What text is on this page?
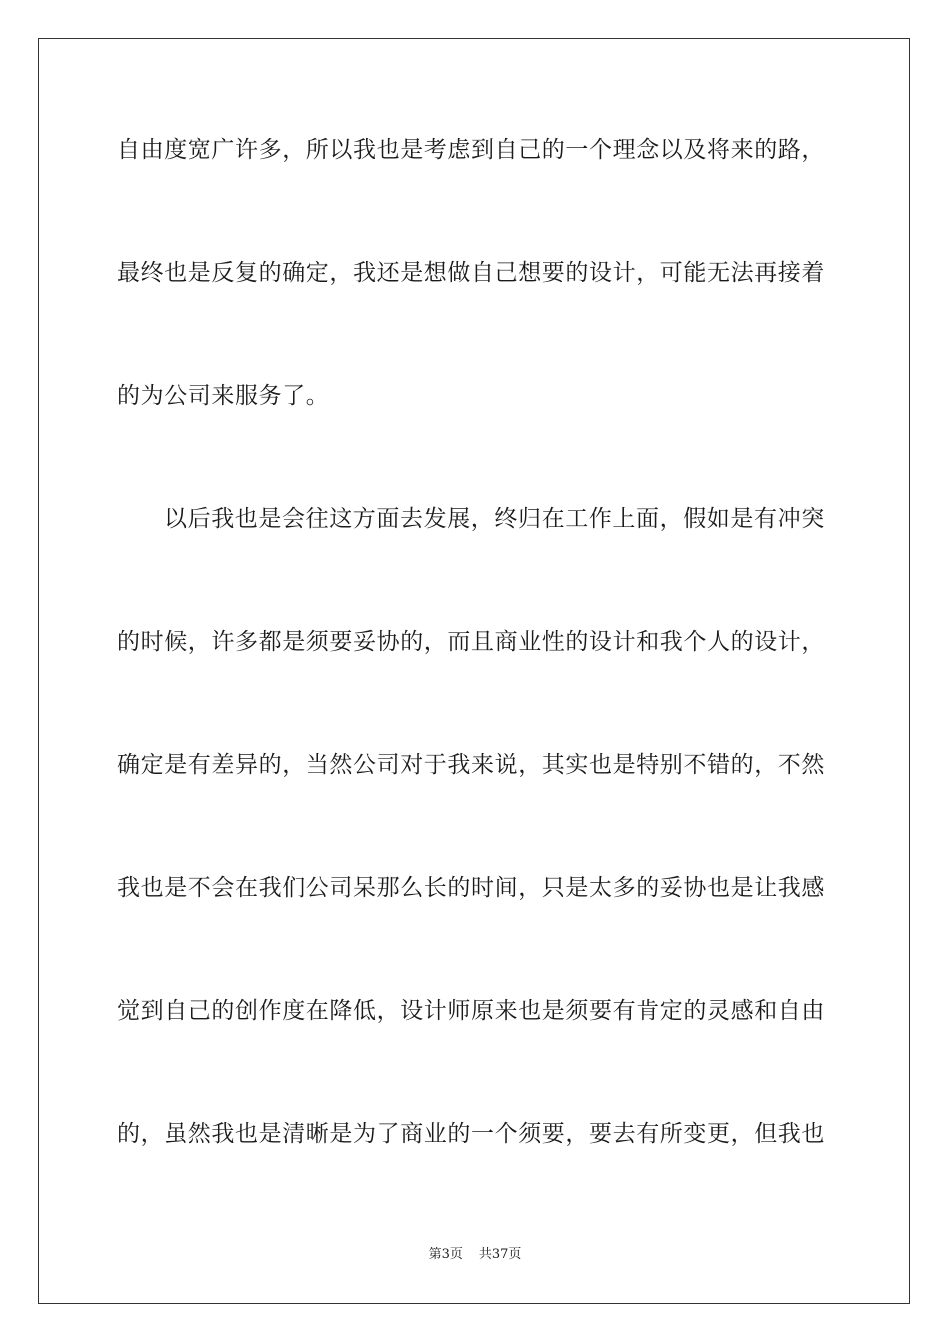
自由度宽广许多，所以我也是考虑到自己的一个理念以及将来的路，
最终也是反复的确定，我还是想做自己想要的设计，可能无法再接着
的为公司来服务了。
以后我也是会往这方面去发展，终归在工作上面，假如是有冲突
的时候，许多都是须要妥协的，而且商业性的设计和我个人的设计，
确定是有差异的，当然公司对于我来说，其实也是特别不错的，不然
我也是不会在我们公司呆那么长的时间，只是太多的妥协也是让我感
觉到自己的创作度在降低，设计师原来也是须要有肯定的灵感和自由
的，虽然我也是清晰是为了商业的一个须要，要去有所变更，但我也
第3页 共37页
